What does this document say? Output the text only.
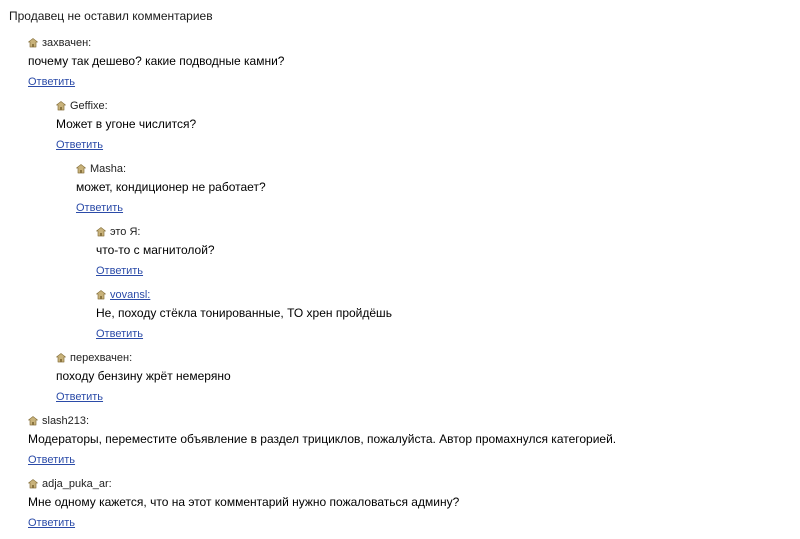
Продавец не оставил комментариев
захвачен:
почему так дешево? какие подводные камни?
Ответить
Geffixe:
Может в угоне числится?
Ответить
Masha:
может, кондиционер не работает?
Ответить
это Я:
что-то с магнитолой?
Ответить
vovansl:
Не, походу стёкла тонированные, ТО хрен пройдёшь
Ответить
перехвачен:
походу бензину жрёт немеряно
Ответить
slash213:
Модераторы, переместите объявление в раздел трициклов, пожалуйста. Автор промахнулся категорией.
Ответить
adja_puka_ar:
Мне одному кажется, что на этот комментарий нужно пожаловаться админу?
Ответить
